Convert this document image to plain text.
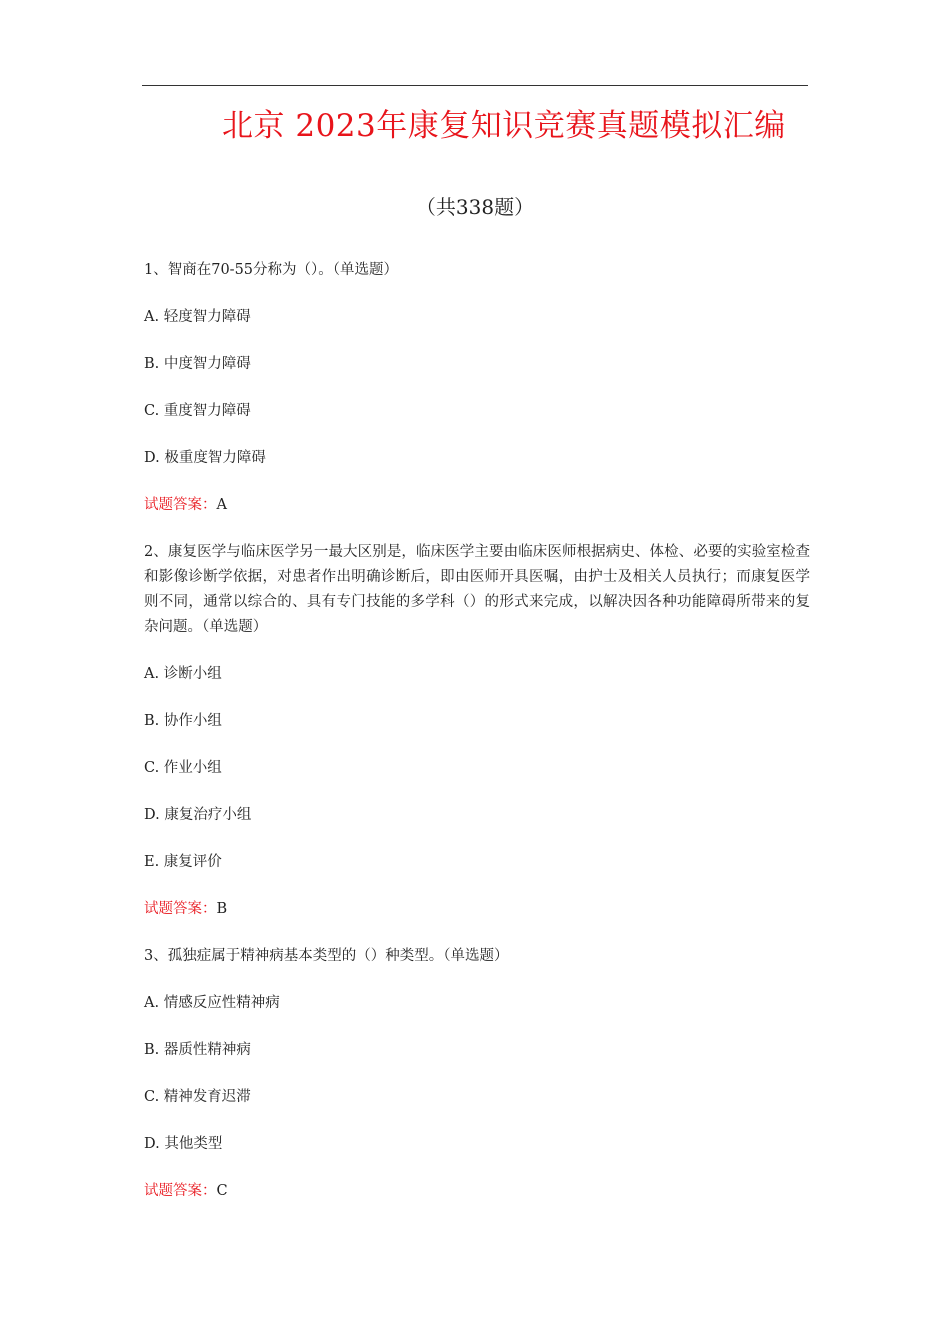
北京 2023年康复知识竞赛真题模拟汇编
（共338题）

1、智商在70-55分称为（）。（单选题）

A. 轻度智力障碍

B. 中度智力障碍

C. 重度智力障碍

D. 极重度智力障碍

试题答案：A

2、康复医学与临床医学另一最大区别是，临床医学主要由临床医师根据病史、体检、必要的实验室检查和影像诊断学依据，对患者作出明确诊断后，即由医师开具医嘱，由护士及相关人员执行；而康复医学则不同，通常以综合的、具有专门技能的多学科（）的形式来完成，以解决因各种功能障碍所带来的复杂问题。（单选题）

A. 诊断小组

B. 协作小组

C. 作业小组

D. 康复治疗小组

E. 康复评价

试题答案：B

3、孤独症属于精神病基本类型的（）种类型。（单选题）

A. 情感反应性精神病

B. 器质性精神病

C. 精神发育迟滞

D. 其他类型

试题答案：C
